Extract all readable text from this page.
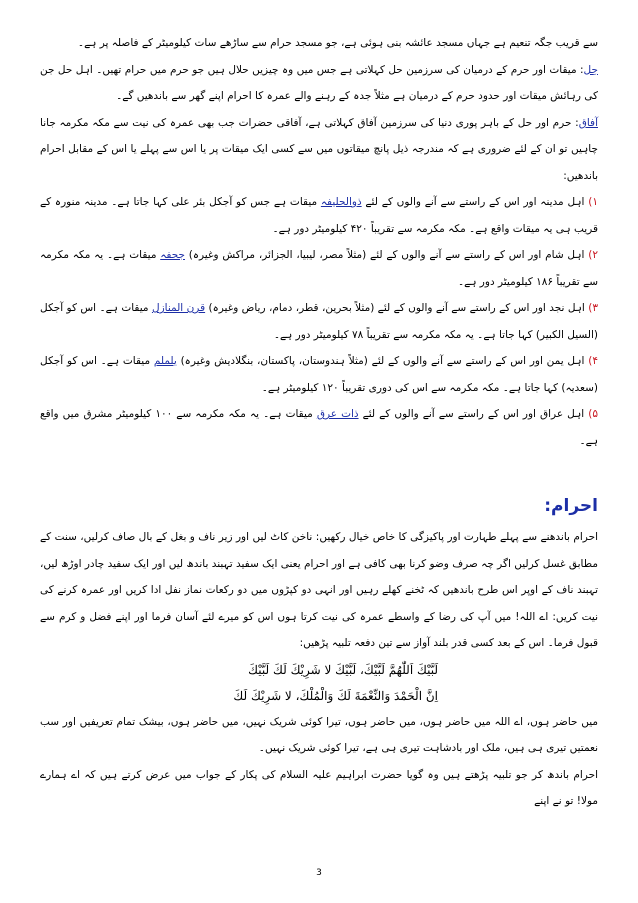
سے قریب جگہ تنعیم ہے جہاں مسجد عائشہ بنی ہوئی ہے، جو مسجد حرام سے ساڑھے سات کیلومیٹر کے فاصلہ پر ہے۔

حِل: میقات اور حرم کے درمیان کی سرزمین حل کہلاتی ہے جس میں وہ چیزیں حلال ہیں جو حرم میں حرام تھیں۔ اہل حل جن کی رہائش میقات اور حدود حرم کے درمیان ہے مثلاً جدہ کے رہنے والے عمرہ کا احرام اپنے گھر سے باندھیں گے۔

آفاق: حرم اور حل کے باہر پوری دنیا کی سرزمین آفاق کہلاتی ہے، آفاقی حضرات جب بھی عمرہ کی نیت سے مکہ مکرمہ جانا چاہیں تو ان کے لئے ضروری ہے کہ مندرجہ ذیل پانچ میقاتوں میں سے کسی ایک میقات پر یا اس سے پہلے یا اس کے مقابل احرام باندھیں:

۱) اہل مدینہ اور اس کے راستے سے آنے والوں کے لئے ذوالحلیفہ میقات ہے جس کو آجکل بئر علی کہا جاتا ہے۔ مدینہ منورہ کے قریب ہی یہ میقات واقع ہے۔ مکہ مکرمہ سے تقریباً ۴۲۰ کیلومیٹر دور ہے۔

۲) اہل شام اور اس کے راستے سے آنے والوں کے لئے (مثلاً مصر، لیبیا، الجزائر، مراکش وغیرہ) جحفہ میقات ہے۔ یہ مکہ مکرمہ سے تقریباً ۱۸۶ کیلومیٹر دور ہے۔

۳) اہل نجد اور اس کے راستے سے آنے والوں کے لئے (مثلاً بحرین، قطر، دمام، ریاض وغیرہ) قرن المنازل میقات ہے۔ اس کو آجکل (السیل الکبیر) کہا جاتا ہے۔ یہ مکہ مکرمہ سے تقریباً ۷۸ کیلومیٹر دور ہے۔

۴) اہل یمن اور اس کے راستے سے آنے والوں کے لئے (مثلاً ہندوستان، پاکستان، بنگلادیش وغیرہ) یلملم میقات ہے۔ اس کو آجکل (سعدیہ) کہا جاتا ہے۔ مکہ مکرمہ سے اس کی دوری تقریباً ۱۲۰ کیلومیٹر ہے۔

۵) اہل عراق اور اس کے راستے سے آنے والوں کے لئے ذات عرق میقات ہے۔ یہ مکہ مکرمہ سے ۱۰۰ کیلومیٹر مشرق میں واقع ہے۔

احرام:

احرام باندھنے سے پہلے طہارت اور پاکیزگی کا خاص خیال رکھیں: ناخن کاٹ لیں اور زیر ناف و بغل کے بال صاف کرلیں، سنت کے مطابق غسل کرلیں اگر چہ صرف وضو کرنا بھی کافی ہے اور احرام یعنی ایک سفید تہبند باندھ لیں اور ایک سفید چادر اوڑھ لیں، تہبند ناف کے اوپر اس طرح باندھیں کہ ٹخنے کھلے رہیں اور انہی دو کپڑوں میں دو رکعات نماز نفل ادا کریں اور عمرہ کرنے کی نیت کریں: اے اللہ! میں آپ کی رضا کے واسطے عمرہ کی نیت کرتا ہوں اس کو میرے لئے آسان فرما اور اپنے فضل و کرم سے قبول فرما۔ اس کے بعد کسی قدر بلند آواز سے تین دفعہ تلبیہ پڑھیں:

لَبَّيْكَ اَللّٰهُمَّ لَبَّيْكَ، لَبَّيْكَ لا شَرِيْكَ لَكَ لَبَّيْكَ

اِنَّ الْحَمْدَ وَالنِّعْمَةَ لَكَ وَالْمُلْكَ، لا شَرِيْكَ لَكَ

میں حاضر ہوں، اے اللہ میں حاضر ہوں، میں حاضر ہوں، تیرا کوئی شریک نہیں، میں حاضر ہوں، بیشک تمام تعریفیں اور سب نعمتیں تیری ہی ہیں، ملک اور بادشاہت تیری ہی ہے، تیرا کوئی شریک نہیں۔

احرام باندھ کر جو تلبیہ پڑھتے ہیں وہ گویا حضرت ابراہیم علیہ السلام کی پکار کے جواب میں عرض کرتے ہیں کہ اے ہمارے مولا! تو نے اپنے

3
